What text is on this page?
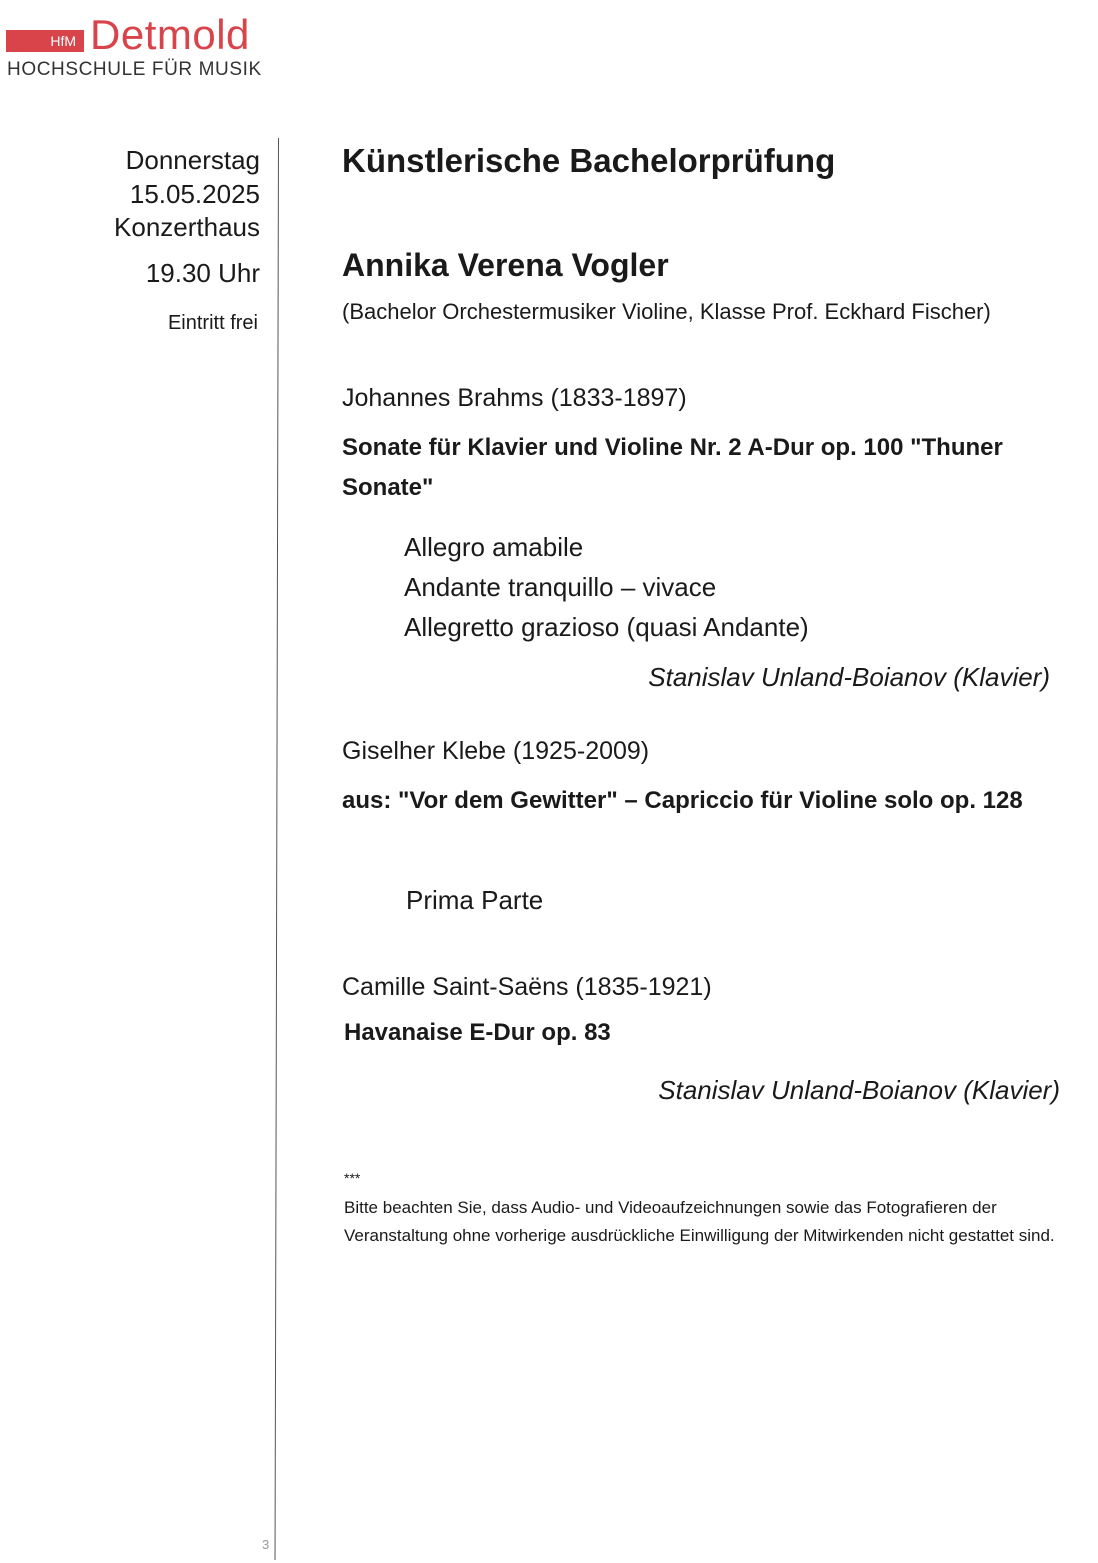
HfM Detmold
HOCHSCHULE FÜR MUSIK
Donnerstag
15.05.2025
Konzerthaus
19.30 Uhr
Eintritt frei
3
Künstlerische Bachelorprüfung
Annika Verena Vogler
(Bachelor Orchestermusiker Violine, Klasse Prof. Eckhard Fischer)
Johannes Brahms (1833-1897)
Sonate für Klavier und Violine Nr. 2 A-Dur op. 100 "Thuner Sonate"
Allegro amabile
Andante tranquillo – vivace
Allegretto grazioso (quasi Andante)
Stanislav Unland-Boianov (Klavier)
Giselher Klebe (1925-2009)
aus: "Vor dem Gewitter" – Capriccio für Violine solo op. 128
Prima Parte
Camille Saint-Saëns (1835-1921)
Havanaise E-Dur op. 83
Stanislav Unland-Boianov (Klavier)
***
Bitte beachten Sie, dass Audio- und Videoaufzeichnungen sowie das Fotografieren der Veranstaltung ohne vorherige ausdrückliche Einwilligung der Mitwirkenden nicht gestattet sind.
